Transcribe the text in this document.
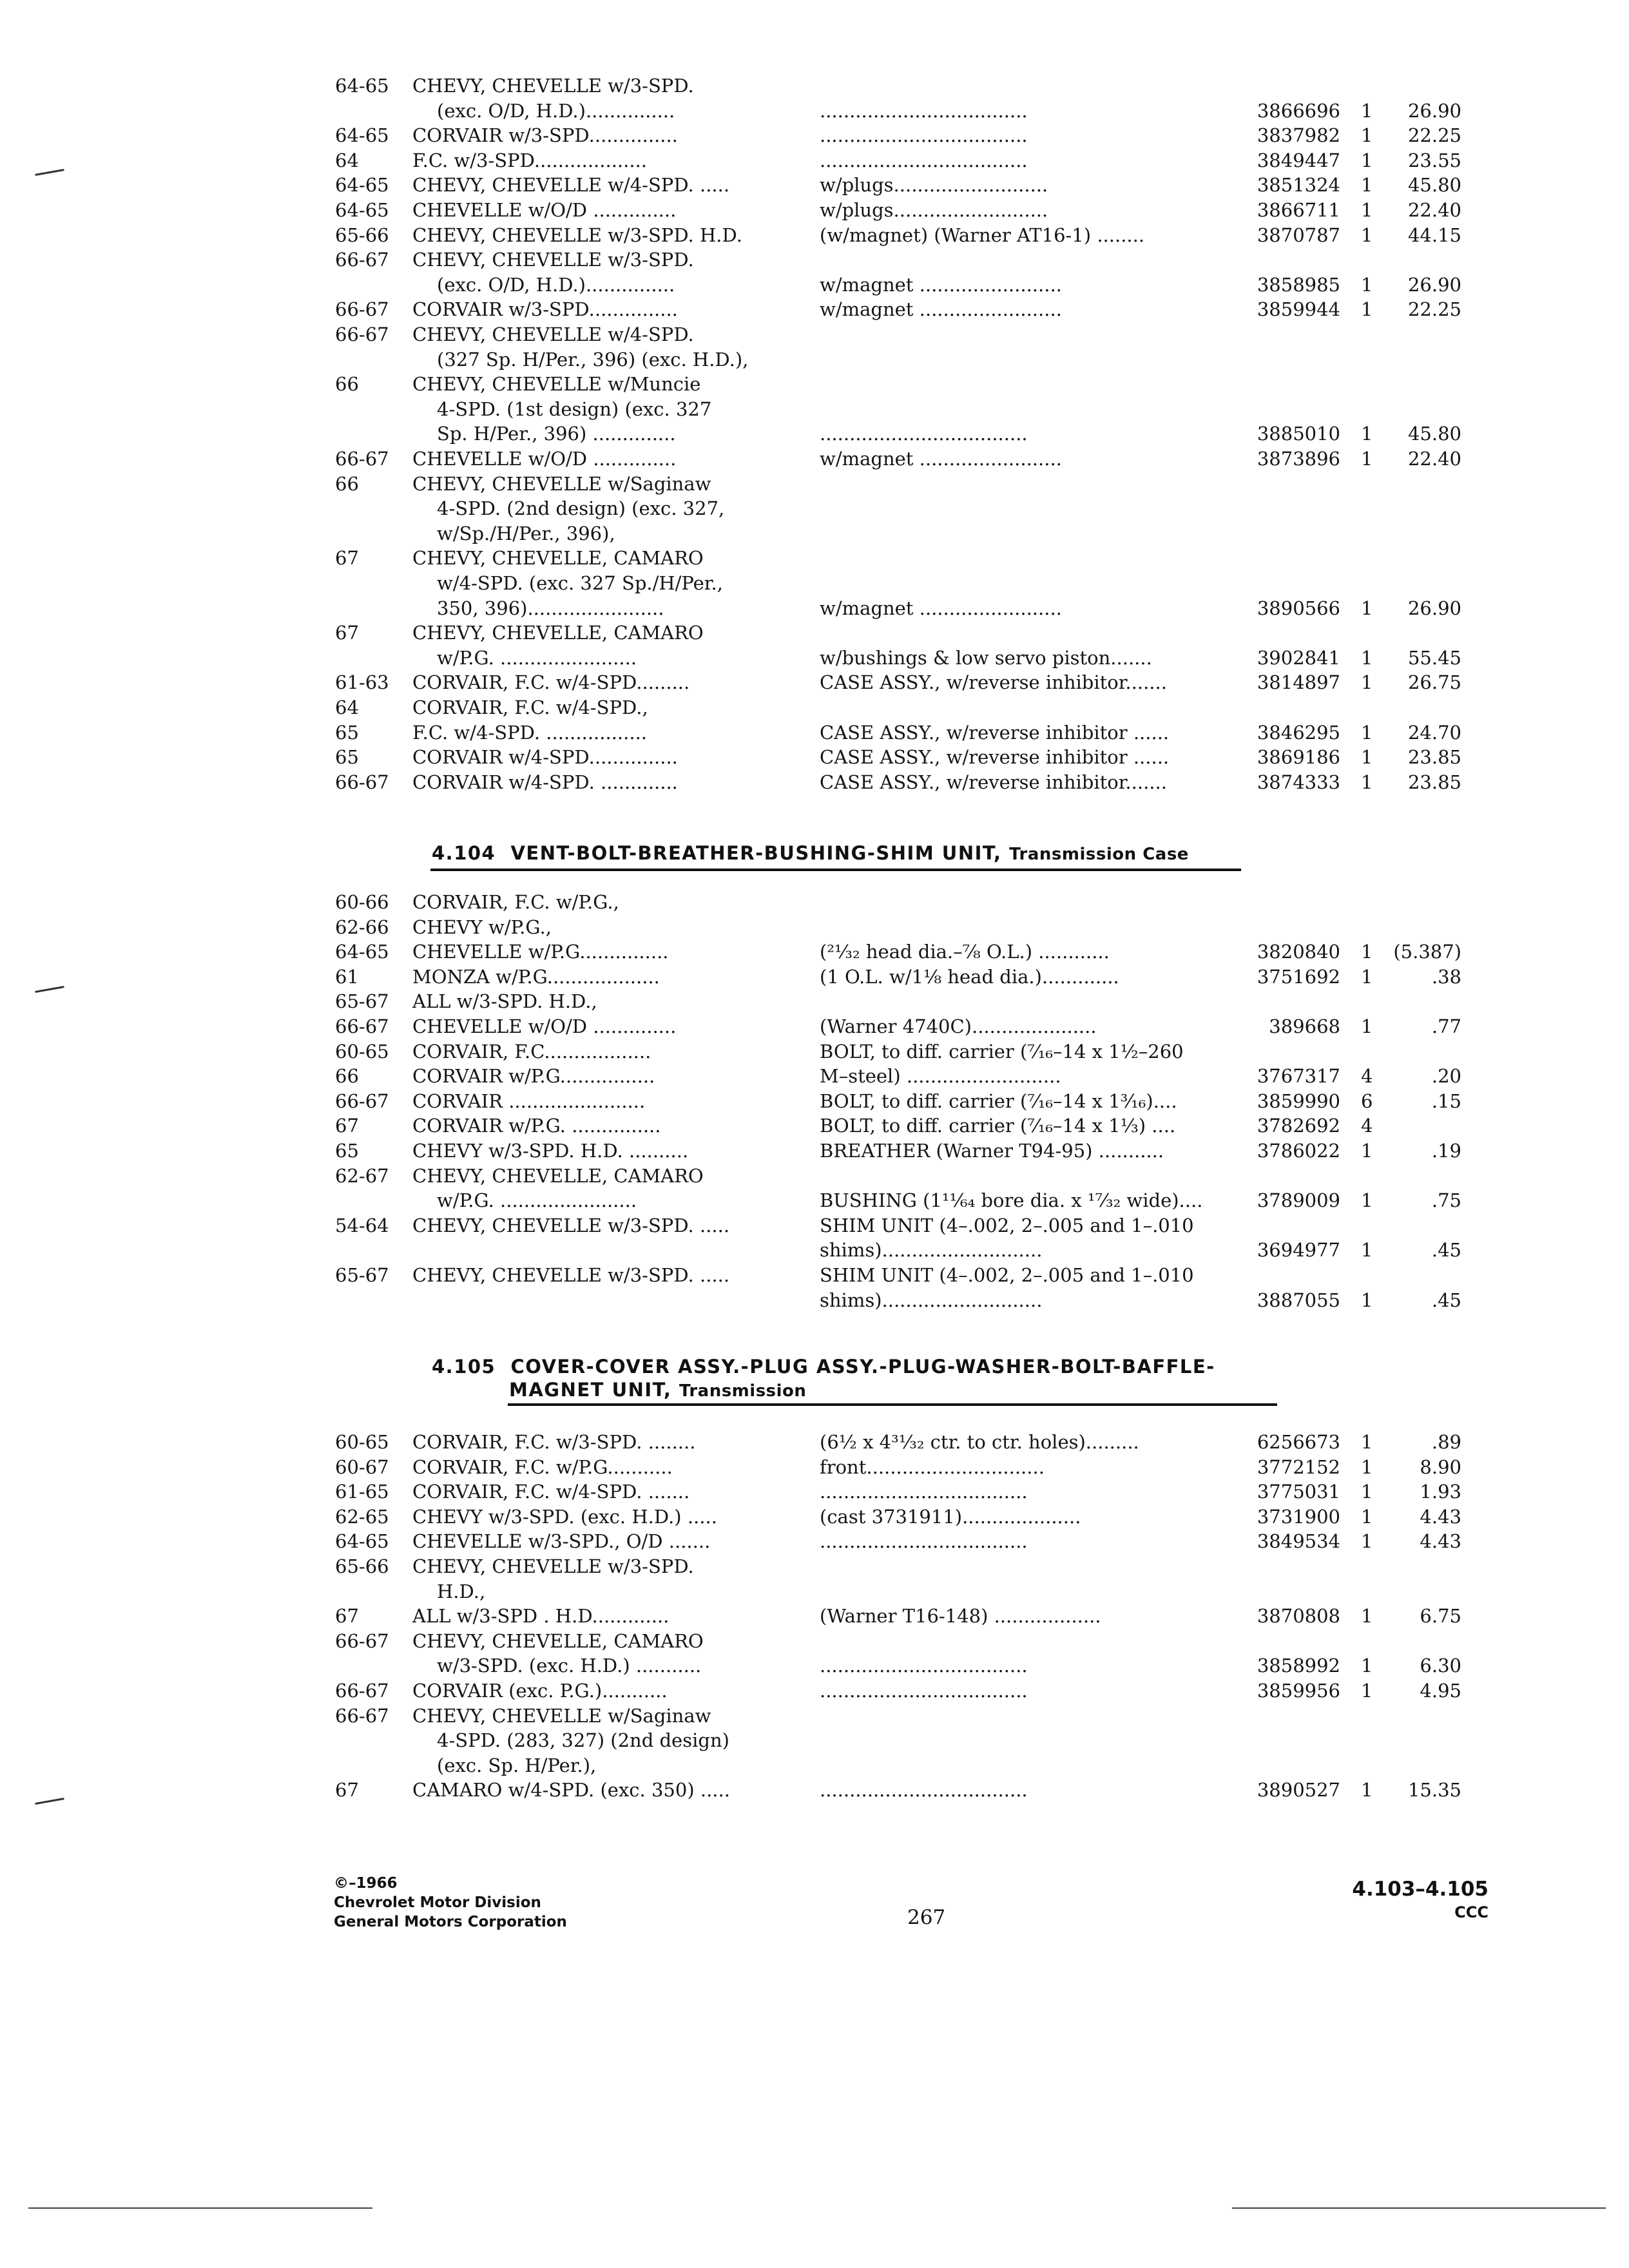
64-65 CHEVY, CHEVELLE w/3-SPD.
(exc. O/D, H.D.)...............	...................................	3866696 1 26.90
64-65 CORVAIR w/3-SPD...............	...................................	3837982 1 22.25
64	F.C. w/3-SPD...................	...................................	3849447 1 23.55
64-65 CHEVY, CHEVELLE w/4-SPD. .....	w/plugs..........................	3851324 1 45.80
64-65 CHEVELLE w/O/D ..............	w/plugs..........................	3866711 1 22.40
65-66 CHEVY, CHEVELLE w/3-SPD. H.D.	(w/magnet) (Warner AT16-1) ........	3870787 1 44.15
66-67 CHEVY, CHEVELLE w/3-SPD.
(exc. O/D, H.D.)...............	w/magnet ........................	3858985 1 26.90
66-67 CORVAIR w/3-SPD...............	w/magnet ........................	3859944 1 22.25
66-67 CHEVY, CHEVELLE w/4-SPD.
(327 Sp. H/Per., 396) (exc. H.D.),
66	CHEVY, CHEVELLE w/Muncie
4-SPD. (1st design) (exc. 327
Sp. H/Per., 396) ..............	...................................	3885010 1 45.80
66-67 CHEVELLE w/O/D ..............	w/magnet ........................	3873896 1 22.40
66	CHEVY, CHEVELLE w/Saginaw
4-SPD. (2nd design) (exc. 327,
w/Sp./H/Per., 396),
67	CHEVY, CHEVELLE, CAMARO
w/4-SPD. (exc. 327 Sp./H/Per.,
350, 396).......................	w/magnet ........................	3890566 1 26.90
67	CHEVY, CHEVELLE, CAMARO
w/P.G. .......................	w/bushings & low servo piston.......	3902841 1 55.45
61-63 CORVAIR, F.C. w/4-SPD.........	CASE ASSY., w/reverse inhibitor.......	3814897 1 26.75
64	CORVAIR, F.C. w/4-SPD.,
65	F.C. w/4-SPD. .................	CASE ASSY., w/reverse inhibitor ......	3846295 1 24.70
65	CORVAIR w/4-SPD...............	CASE ASSY., w/reverse inhibitor ......	3869186 1 23.85
66-67 CORVAIR w/4-SPD. .............	CASE ASSY., w/reverse inhibitor.......	3874333 1 23.85
4.104 VENT-BOLT-BREATHER-BUSHING-SHIM UNIT, Transmission Case
60-66 CORVAIR, F.C. w/P.G.,
62-66 CHEVY w/P.G.,
64-65 CHEVELLE w/P.G...............	(²¹⁄₃₂ head dia.–⁷⁄₈ O.L.) ............	3820840 1 (5.387)
61	MONZA w/P.G...................	(1 O.L. w/1⅛ head dia.).............	3751692 1	.38
65-67 ALL w/3-SPD. H.D.,
66-67 CHEVELLE w/O/D ..............	(Warner 4740C).....................	389668 1	.77
60-65 CORVAIR, F.C..................	BOLT, to diff. carrier (⁷⁄₁₆–14 x 1½–260
66	CORVAIR w/P.G................	M–steel) ..........................	3767317 4	.20
66-67 CORVAIR .......................	BOLT, to diff. carrier (⁷⁄₁₆–14 x 1³⁄₁₆)....	3859990 6	.15
67	CORVAIR w/P.G. ...............	BOLT, to diff. carrier (⁷⁄₁₆–14 x 1⅓) ....	3782692 4
65	CHEVY w/3-SPD. H.D. ..........	BREATHER (Warner T94-95) ...........	3786022 1	.19
62-67 CHEVY, CHEVELLE, CAMARO
w/P.G. .......................	BUSHING (1¹¹⁄₆₄ bore dia. x ¹⁷⁄₃₂ wide)....	3789009 1	.75
54-64 CHEVY, CHEVELLE w/3-SPD. .....	SHIM UNIT (4–.002, 2–.005 and 1–.010
shims)...........................	3694977 1	.45
65-67 CHEVY, CHEVELLE w/3-SPD. .....	SHIM UNIT (4–.002, 2–.005 and 1–.010
shims)...........................	3887055 1	.45
4.105 COVER-COVER ASSY.-PLUG ASSY.-PLUG-WASHER-BOLT-BAFFLE-
MAGNET UNIT, Transmission
60-65 CORVAIR, F.C. w/3-SPD. ........	(6½ x 4³¹⁄₃₂ ctr. to ctr. holes).........	6256673 1	.89
60-67 CORVAIR, F.C. w/P.G...........	front..............................	3772152 1	8.90
61-65 CORVAIR, F.C. w/4-SPD. .......	...................................	3775031 1	1.93
62-65 CHEVY w/3-SPD. (exc. H.D.) .....	(cast 3731911)....................	3731900 1	4.43
64-65 CHEVELLE w/3-SPD., O/D .......	...................................	3849534 1	4.43
65-66 CHEVY, CHEVELLE w/3-SPD.
H.D.,
67	ALL w/3-SPD . H.D.............	(Warner T16-148) ..................	3870808 1	6.75
66-67 CHEVY, CHEVELLE, CAMARO
w/3-SPD. (exc. H.D.) ...........	...................................	3858992 1	6.30
66-67 CORVAIR (exc. P.G.)...........	...................................	3859956 1	4.95
66-67 CHEVY, CHEVELLE w/Saginaw
4-SPD. (283, 327) (2nd design)
(exc. Sp. H/Per.),
67	CAMARO w/4-SPD. (exc. 350) .....	...................................	3890527 1 15.35
©–1966
Chevrolet Motor Division
General Motors Corporation	267
4.103–4.105
CCC
